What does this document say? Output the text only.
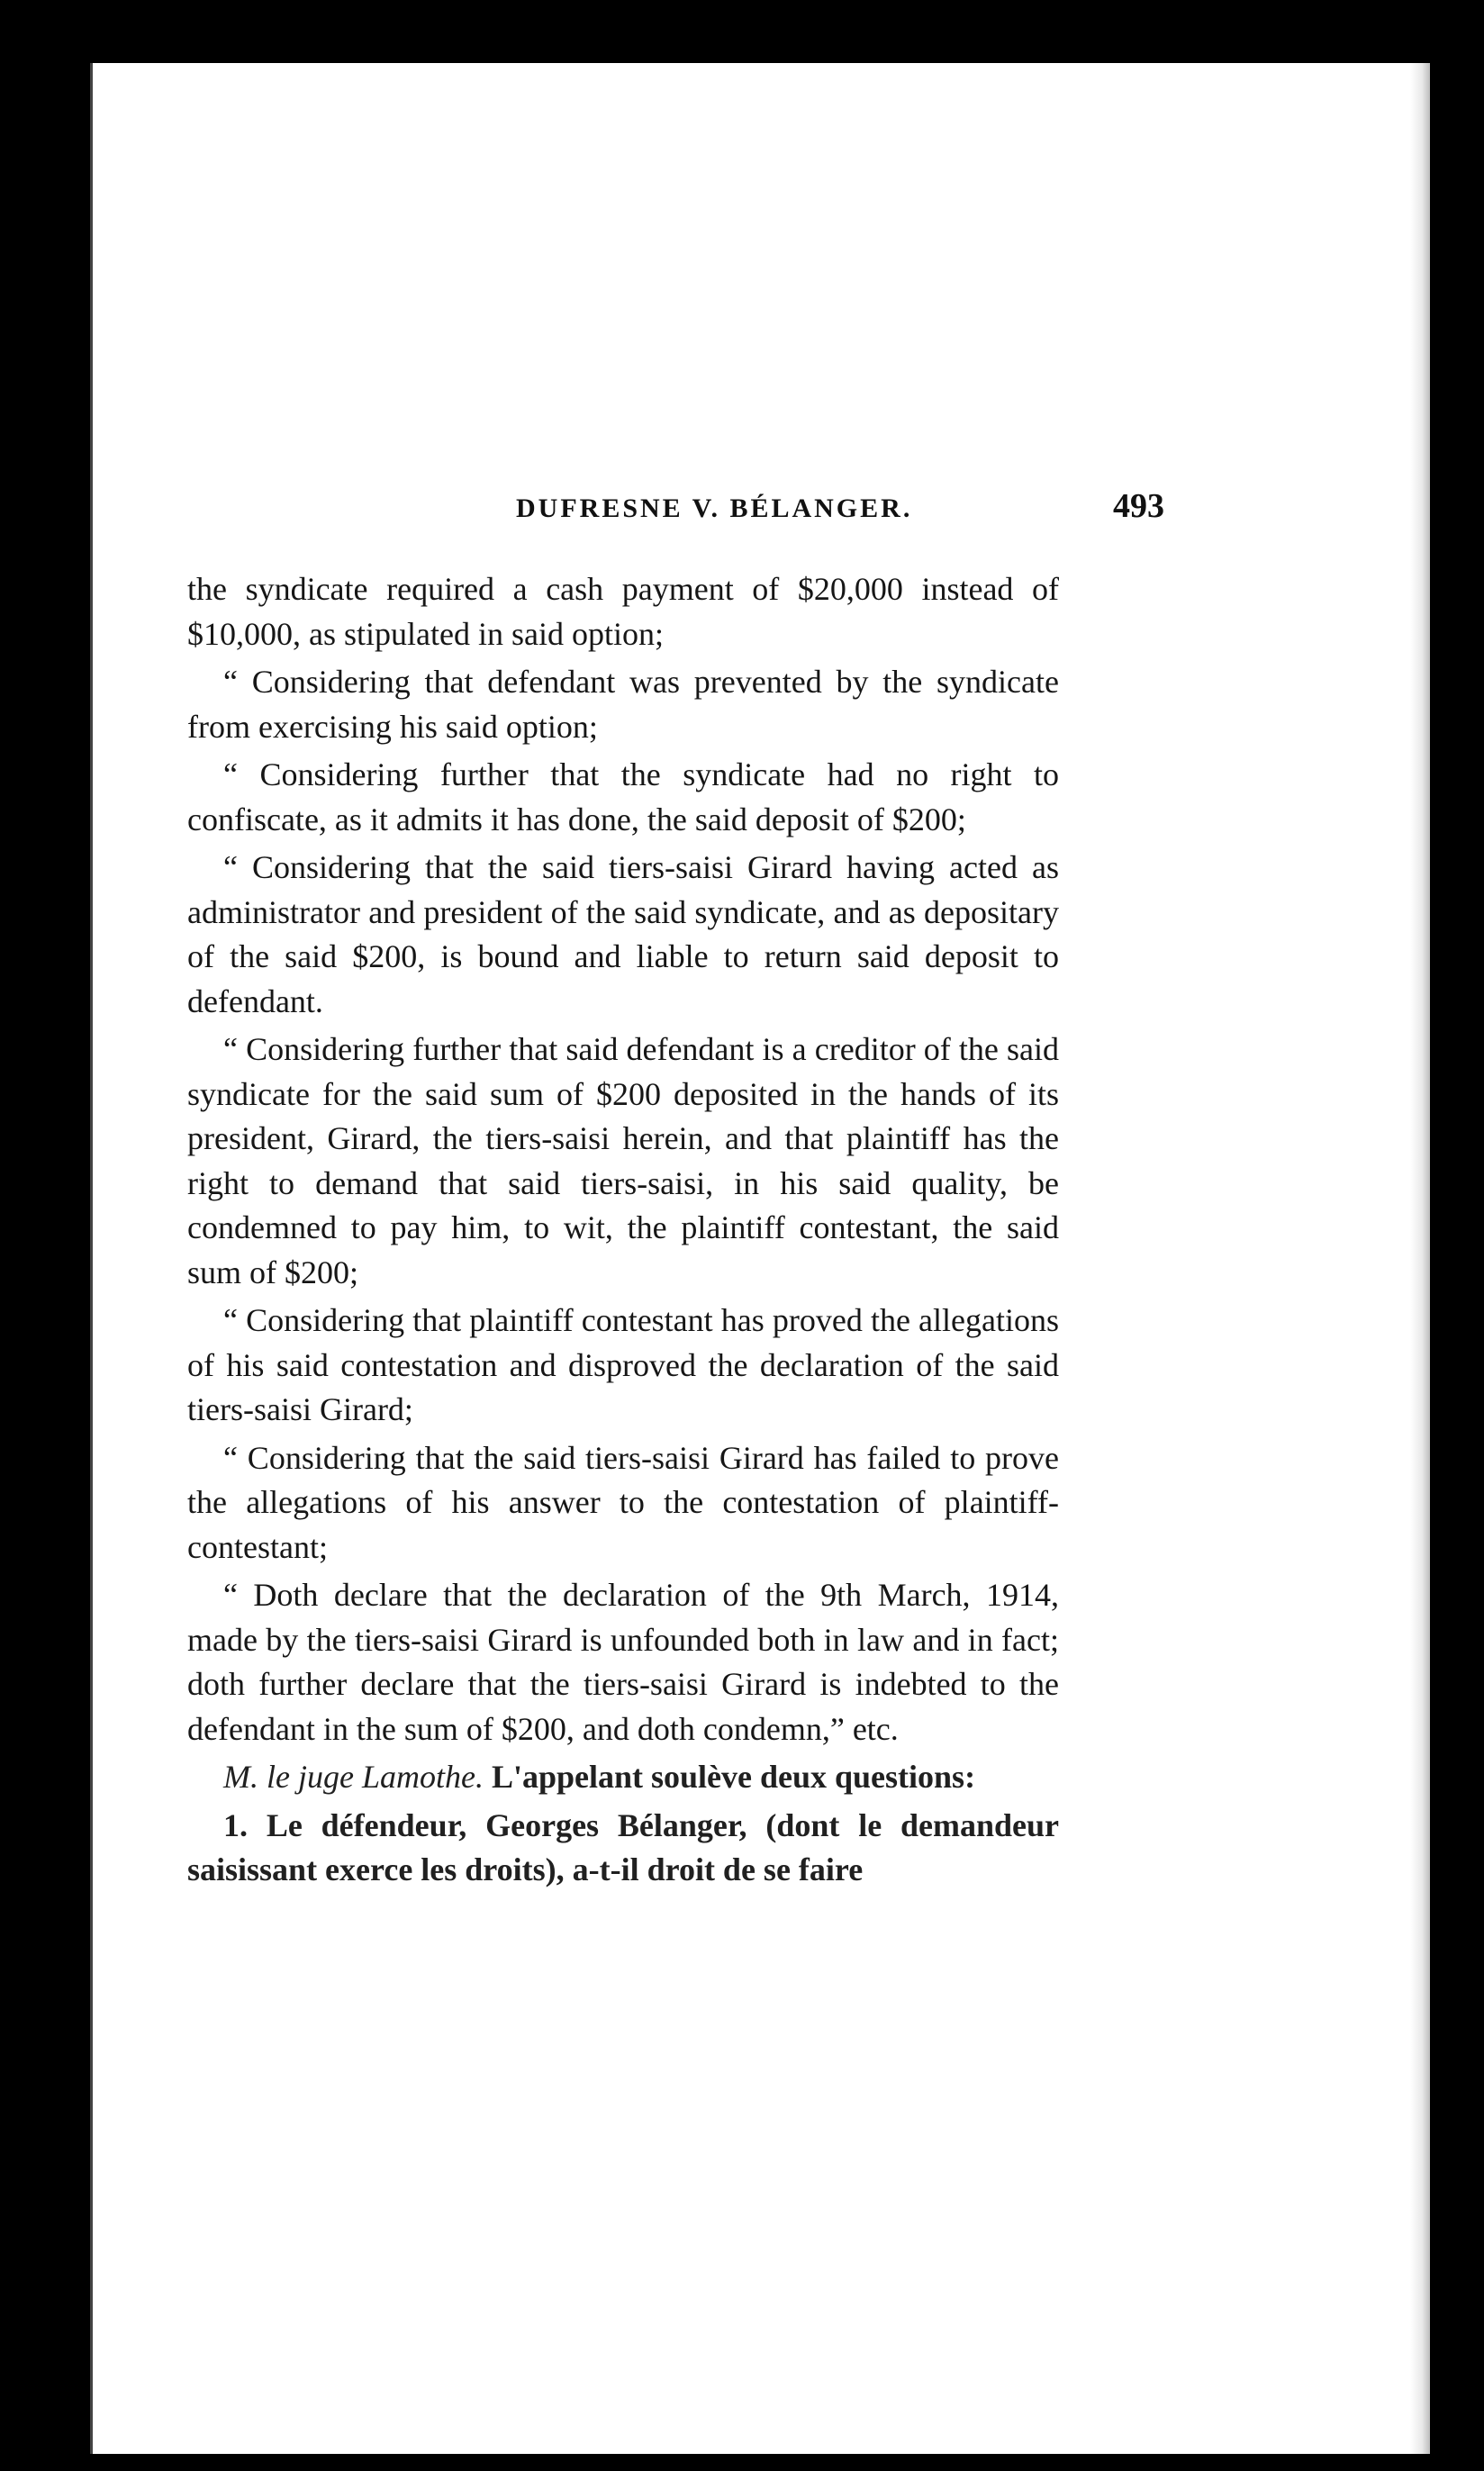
DUFRESNE V. BÉLANGER.	493

the syndicate required a cash payment of $20,000 instead of $10,000, as stipulated in said option;

“ Considering that defendant was prevented by the syndicate from exercising his said option;

“ Considering further that the syndicate had no right to confiscate, as it admits it has done, the said deposit of $200;

“ Considering that the said tiers-saisi Girard having acted as administrator and president of the said syndicate, and as depositary of the said $200, is bound and liable to return said deposit to defendant.

“ Considering further that said defendant is a creditor of the said syndicate for the said sum of $200 deposited in the hands of its president, Girard, the tiers-saisi herein, and that plaintiff has the right to demand that said tiers-saisi, in his said quality, be condemned to pay him, to wit, the plaintiff contestant, the said sum of $200;

“ Considering that plaintiff contestant has proved the allegations of his said contestation and disproved the declaration of the said tiers-saisi Girard;

“ Considering that the said tiers-saisi Girard has failed to prove the allegations of his answer to the contestation of plaintiff-contestant;

“ Doth declare that the declaration of the 9th March, 1914, made by the tiers-saisi Girard is unfounded both in law and in fact; doth further declare that the tiers-saisi Girard is indebted to the defendant in the sum of $200, and doth condemn,” etc.

M. le juge Lamothe. L'appelant soulève deux questions:

1. Le défendeur, Georges Bélanger, (dont le demandeur saisissant exerce les droits), a-t-il droit de se faire
